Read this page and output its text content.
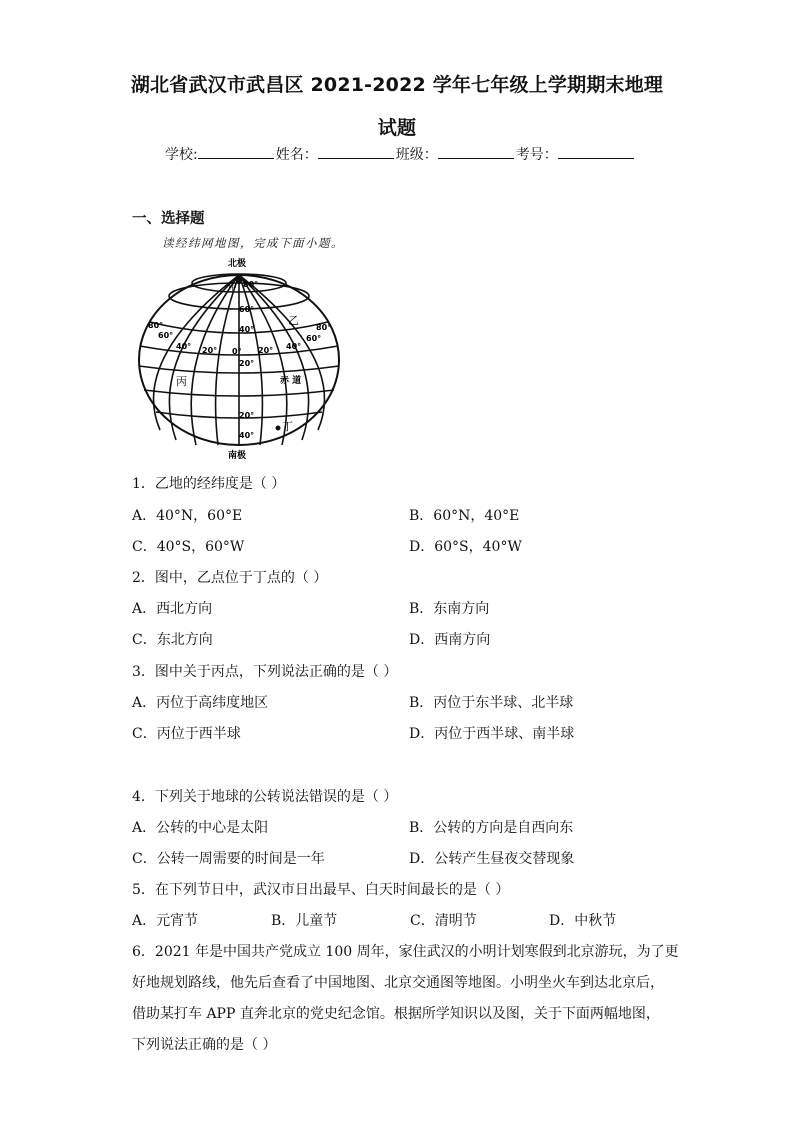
湖北省武汉市武昌区 2021-2022 学年七年级上学期期末地理
试题
学校:	姓名：	班级：	考号：
一、选择题
读经纬网地图，完成下面小题。
北极
南极
80°
60°
40°
20°
20°
40°
80°
60°
40° 20° 0° 20° 40°
60°
80°
甲
乙
丙
丁
赤 道
1．乙地的经纬度是（ ）
A．40°N，60°E	B．60°N，40°E
C．40°S，60°W	D．60°S，40°W
2．图中，乙点位于丁点的（ ）
A．西北方向	B．东南方向
C．东北方向	D．西南方向
3．图中关于丙点，下列说法正确的是（ ）
A．丙位于高纬度地区	B．丙位于东半球、北半球
C．丙位于西半球	D．丙位于西半球、南半球
4．下列关于地球的公转说法错误的是（ ）
A．公转的中心是太阳	B．公转的方向是自西向东
C．公转一周需要的时间是一年	D．公转产生昼夜交替现象
5．在下列节日中，武汉市日出最早、白天时间最长的是（ ）
A．元宵节	B．儿童节	C．清明节	D．中秋节
6．2021 年是中国共产党成立 100 周年，家住武汉的小明计划寒假到北京游玩，为了更
好地规划路线，他先后查看了中国地图、北京交通图等地图。小明坐火车到达北京后，
借助某打车 APP 直奔北京的党史纪念馆。根据所学知识以及图，关于下面两幅地图，
下列说法正确的是（ ）
